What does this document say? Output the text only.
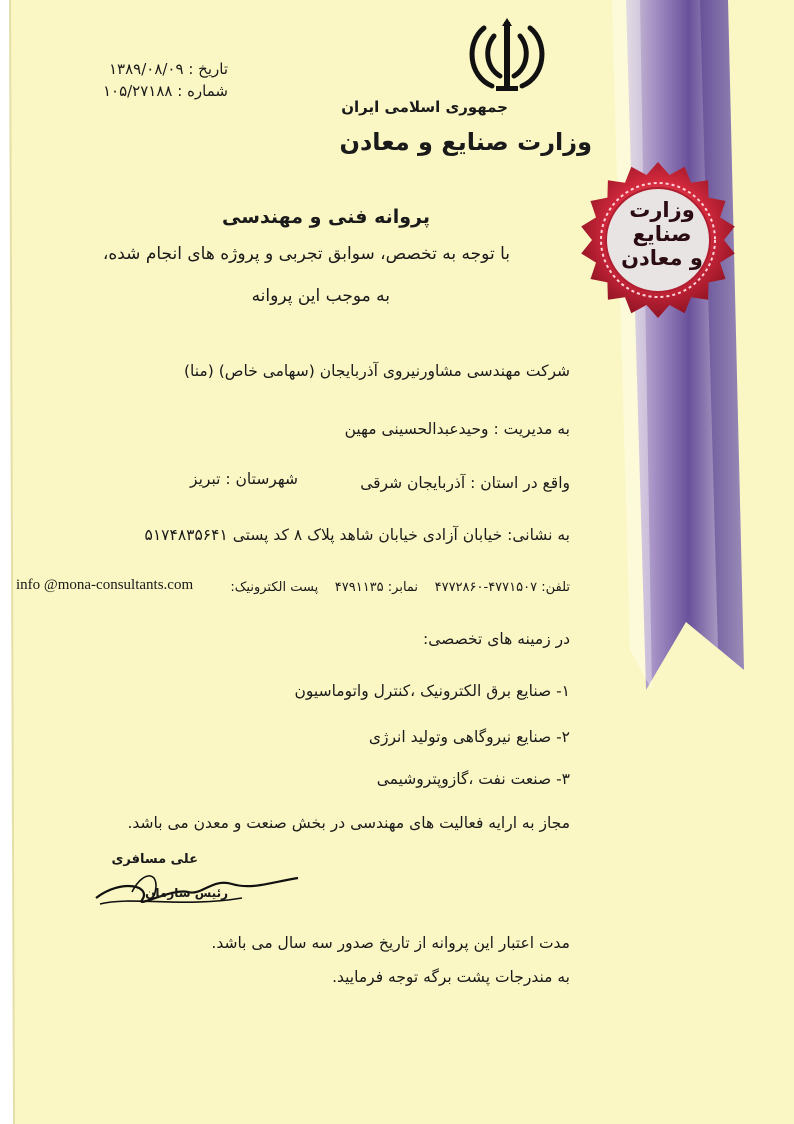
جمهوری اسلامی ایران
وزارت صنایع و معادن
تاریخ : ۱۳۸۹/۰۸/۰۹
شماره : ۱۰۵/۲۷۱۸۸
وزارت
صنایع
و معادن
پروانه فنی و مهندسی
با توجه به تخصص، سوابق تجربی و پروژه های انجام شده،
به موجب این پروانه
شرکت مهندسی مشاورنیروی آذربایجان (سهامی خاص) (منا)
به مدیریت : وحیدعبدالحسینی مهین
واقع در استان : آذربایجان شرقی
شهرستان : تبریز
به نشانی: خیابان آزادی خیابان شاهد پلاک ۸ کد پستی ۵۱۷۴۸۳۵۶۴۱
تلفن: ۴۷۷۱۵۰۷-۴۷۷۲۸۶۰    نمابر: ۴۷۹۱۱۳۵    پست الکترونیک:
info @mona-consultants.com
در زمینه های تخصصی:
۱- صنایع برق الکترونیک ،کنترل واتوماسیون
۲- صنایع نیروگاهی وتولید انرژی
۳- صنعت نفت ،گازوپتروشیمی
مجاز به ارایه فعالیت های مهندسی در بخش صنعت و معدن می باشد.
علی مسافری
رئیس سازمان
مدت اعتبار این پروانه از تاریخ صدور سه سال می باشد.
به مندرجات پشت برگه توجه فرمایید.
